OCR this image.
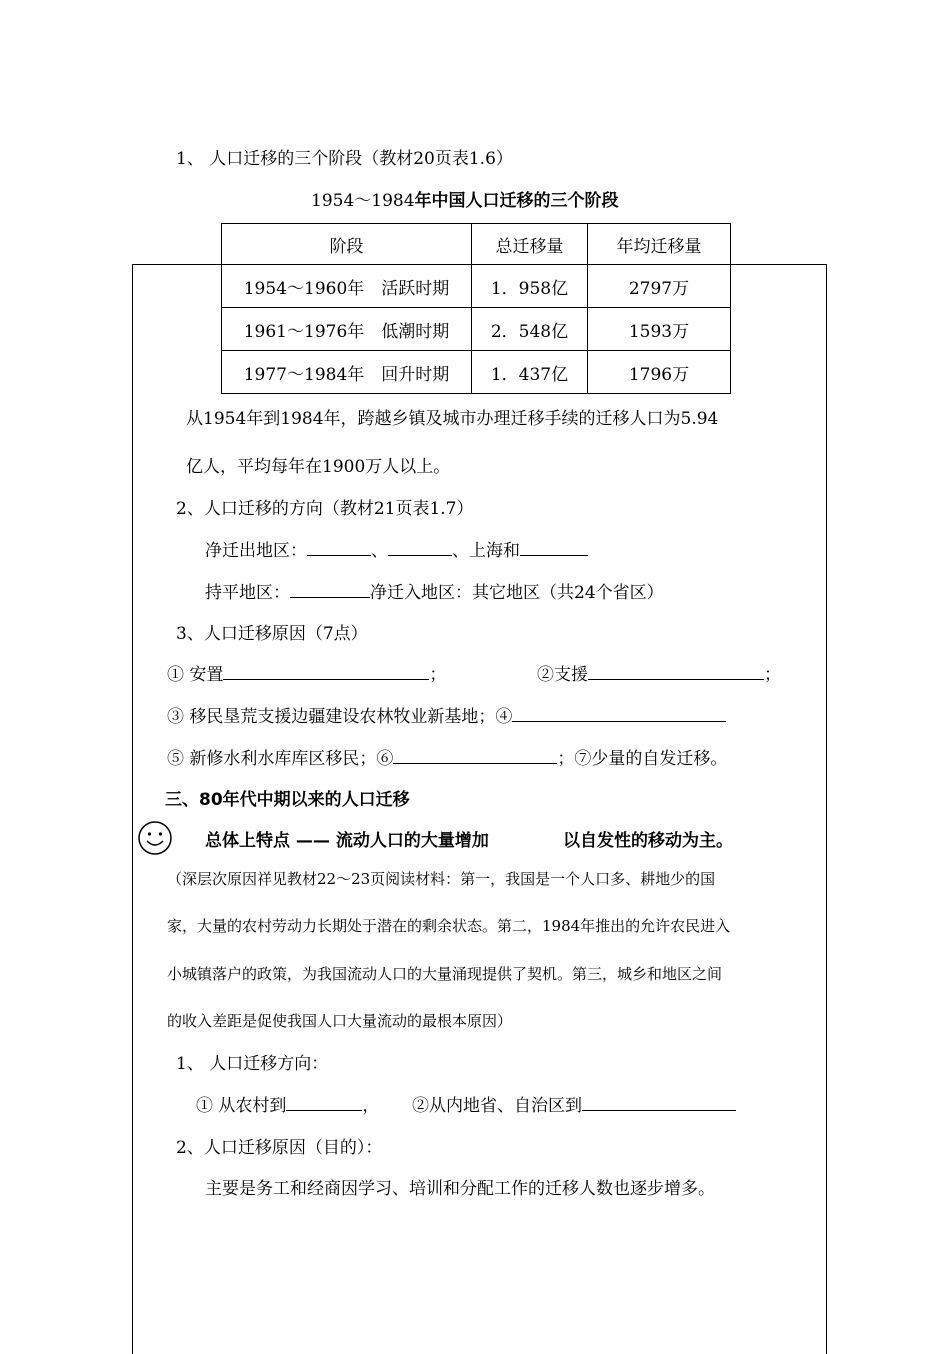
1、 人口迁移的三个阶段（教材20页表1.6）
1954～1984年中国人口迁移的三个阶段
阶段	总迁移量	年均迁移量
1954～1960年　活跃时期	1．958亿	2797万
1961～1976年　低潮时期	2．548亿	1593万
1977～1984年　回升时期	1．437亿	1796万
从1954年到1984年，跨越乡镇及城市办理迁移手续的迁移人口为5.94
亿人，平均每年在1900万人以上。
2、人口迁移的方向（教材21页表1.7）
净迁出地区：	、	、上海和
持平地区：	净迁入地区：其它地区（共24个省区）
3、人口迁移原因（7点）
① 安置	；	②支援	；
③ 移民垦荒支援边疆建设农林牧业新基地；④
⑤ 新修水利水库库区移民；⑥	；⑦少量的自发迁移。
三、80年代中期以来的人口迁移
总体上特点 —— 流动人口的大量增加	以自发性的移动为主。
（深层次原因祥见教材22～23页阅读材料：第一，我国是一个人口多、耕地少的国
家，大量的农村劳动力长期处于潜在的剩余状态。第二，1984年推出的允许农民进入
小城镇落户的政策，为我国流动人口的大量涌现提供了契机。第三，城乡和地区之间
的收入差距是促使我国人口大量流动的最根本原因）
1、 人口迁移方向：
① 从农村到	， ②从内地省、自治区到
2、人口迁移原因（目的）：
主要是务工和经商因学习、培训和分配工作的迁移人数也逐步增多。
